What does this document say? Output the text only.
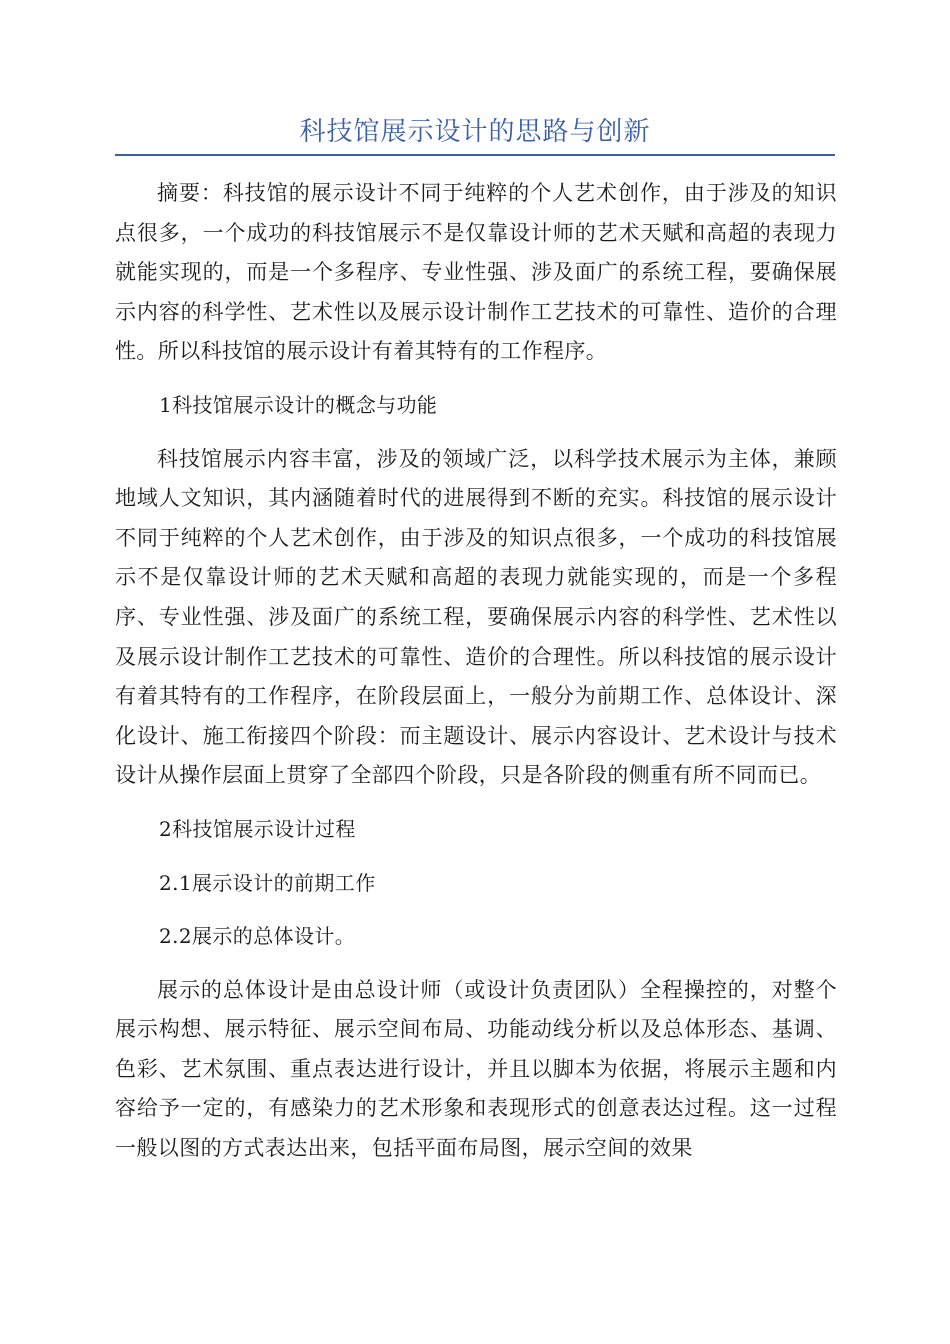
科技馆展示设计的思路与创新

摘要：科技馆的展示设计不同于纯粹的个人艺术创作，由于涉及的知识点很多，一个成功的科技馆展示不是仅靠设计师的艺术天赋和高超的表现力就能实现的，而是一个多程序、专业性强、涉及面广的系统工程，要确保展示内容的科学性、艺术性以及展示设计制作工艺技术的可靠性、造价的合理性。所以科技馆的展示设计有着其特有的工作程序。

1科技馆展示设计的概念与功能

科技馆展示内容丰富，涉及的领域广泛，以科学技术展示为主体，兼顾地域人文知识，其内涵随着时代的进展得到不断的充实。科技馆的展示设计不同于纯粹的个人艺术创作，由于涉及的知识点很多，一个成功的科技馆展示不是仅靠设计师的艺术天赋和高超的表现力就能实现的，而是一个多程序、专业性强、涉及面广的系统工程，要确保展示内容的科学性、艺术性以及展示设计制作工艺技术的可靠性、造价的合理性。所以科技馆的展示设计有着其特有的工作程序，在阶段层面上，一般分为前期工作、总体设计、深化设计、施工衔接四个阶段：而主题设计、展示内容设计、艺术设计与技术设计从操作层面上贯穿了全部四个阶段，只是各阶段的侧重有所不同而已。

2科技馆展示设计过程

2.1展示设计的前期工作

2.2展示的总体设计。

展示的总体设计是由总设计师（或设计负责团队）全程操控的，对整个展示构想、展示特征、展示空间布局、功能动线分析以及总体形态、基调、色彩、艺术氛围、重点表达进行设计，并且以脚本为依据，将展示主题和内容给予一定的，有感染力的艺术形象和表现形式的创意表达过程。这一过程一般以图的方式表达出来，包括平面布局图，展示空间的效果
